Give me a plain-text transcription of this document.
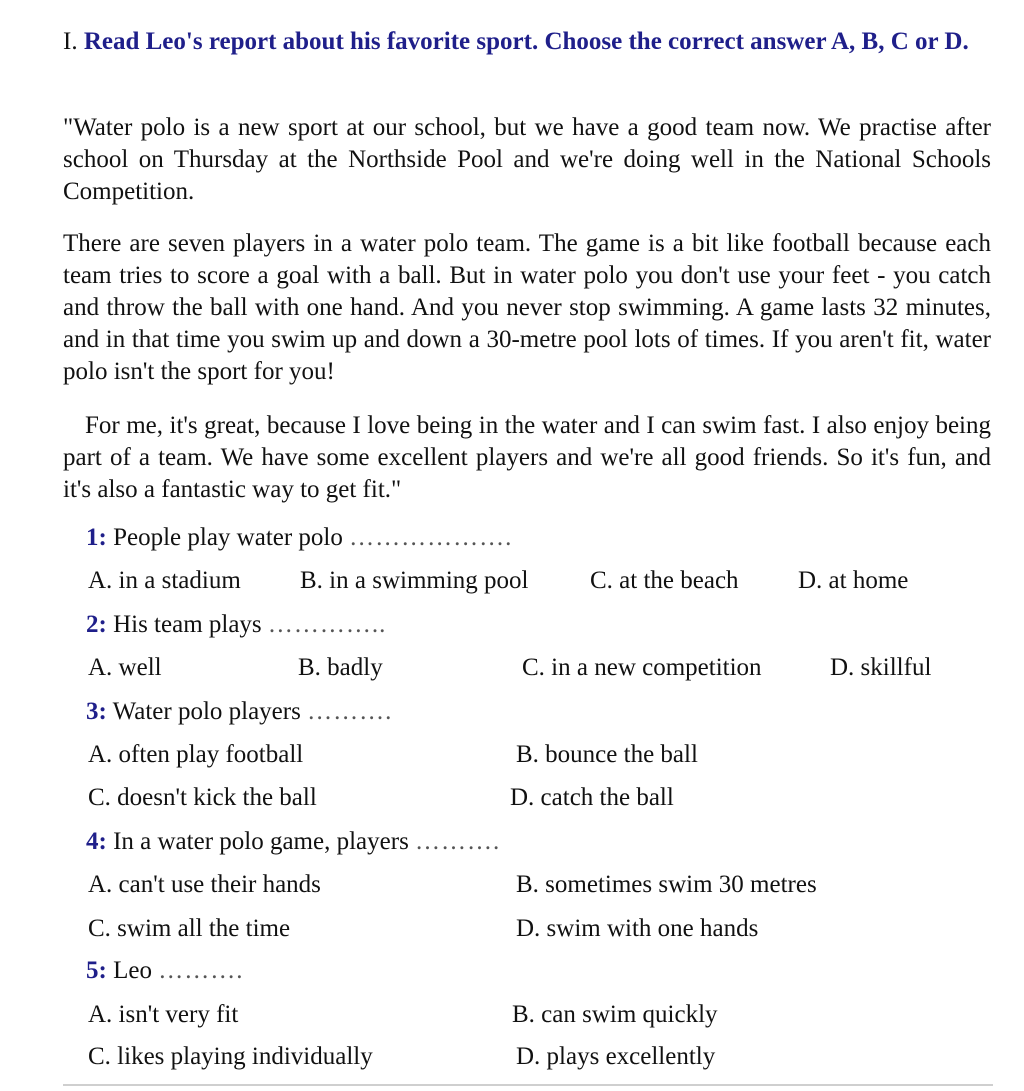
I. Read Leo's report about his favorite sport. Choose the correct answer A, B, C or D.

"Water polo is a new sport at our school, but we have a good team now. We practise after school on Thursday at the Northside Pool and we're doing well in the National Schools Competition.

There are seven players in a water polo team. The game is a bit like football because each team tries to score a goal with a ball. But in water polo you don't use your feet - you catch and throw the ball with one hand. And you never stop swimming. A game lasts 32 minutes, and in that time you swim up and down a 30-metre pool lots of times. If you aren't fit, water polo isn't the sport for you!

For me, it's great, because I love being in the water and I can swim fast. I also enjoy being part of a team. We have some excellent players and we're all good friends. So it's fun, and it's also a fantastic way to get fit."

1: People play water polo ……………….
A. in a stadium B. in a swimming pool C. at the beach D. at home
2: His team plays …………..
A. well	B. badly	C. in a new competition	D. skillful
3: Water polo players ……….
A. often play football	B. bounce the ball
C. doesn't kick the ball	D. catch the ball
4: In a water polo game, players ……….
A. can't use their hands	B. sometimes swim 30 metres
C. swim all the time	D. swim with one hands
5: Leo ……….
A. isn't very fit	B. can swim quickly
C. likes playing individually	D. plays excellently
